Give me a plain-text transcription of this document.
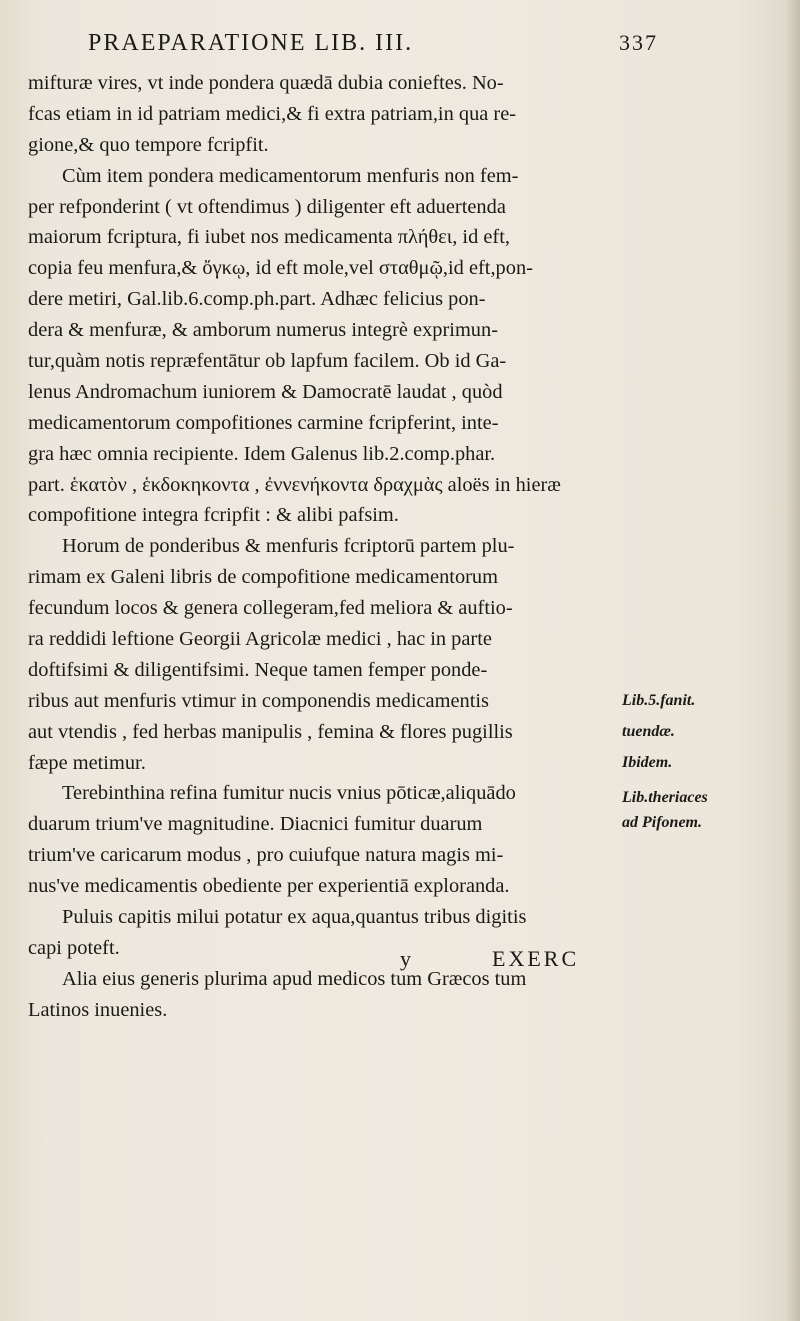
PRAEPARATIONE LIB. III.	337
mifturæ vires, vt inde pondera quædā dubia conieftes. No-
fcas etiam in id patriam medici,& fi extra patriam,in qua re-
gione,& quo tempore fcripfit.
Cùm item pondera medicamentorum menfuris non fem-
per refponderint ( vt oftendimus ) diligenter eft aduertenda
maiorum fcriptura, fi iubet nos medicamenta πλήθει, id eft,
copia feu menfura,& ὄγκῳ, id eft mole,vel σταθμῷ,id eft,pon-
dere metiri, Gal.lib.6.comp.ph.part. Adhæc felicius pon-
dera & menfuræ, & amborum numerus integrè exprimun-
tur,quàm notis repræfentātur ob lapfum facilem. Ob id Ga-
lenus Andromachum iuniorem & Damocratē laudat , quòd
medicamentorum compofitiones carmine fcripferint, inte-
gra hæc omnia recipiente. Idem Galenus lib.2.comp.phar.
part. ἑκατὸν , ἑκδοκηκοντα , ἐννενήκοντα δραχμὰς aloës in hieræ
compofitione integra fcripfit : & alibi pafsim.
Horum de ponderibus & menfuris fcriptorū partem plu-
rimam ex Galeni libris de compofitione medicamentorum
fecundum locos & genera collegeram,fed meliora & auftio-
ra reddidi leftione Georgii Agricolæ medici , hac in parte
doftifsimi & diligentifsimi. Neque tamen femper ponde-
ribus aut menfuris vtimur in componendis medicamentis
aut vtendis , fed herbas manipulis , femina & flores pugillis
fæpe metimur.
Terebinthina refina fumitur nucis vnius pōticæ,aliquādo
duarum trium've magnitudine. Diacnici fumitur duarum
trium've caricarum modus , pro cuiufque natura magis mi-
nus've medicamentis obediente per experientiā exploranda.
Puluis capitis milui potatur ex aqua,quantus tribus digitis
capi poteft.
Alia eius generis plurima apud medicos tum Græcos tum
Latinos inuenies.
Lib.5.fanit.
tuendæ.
Ibidem.
Lib.theriaces
ad Pifonem.
y	EXERC
